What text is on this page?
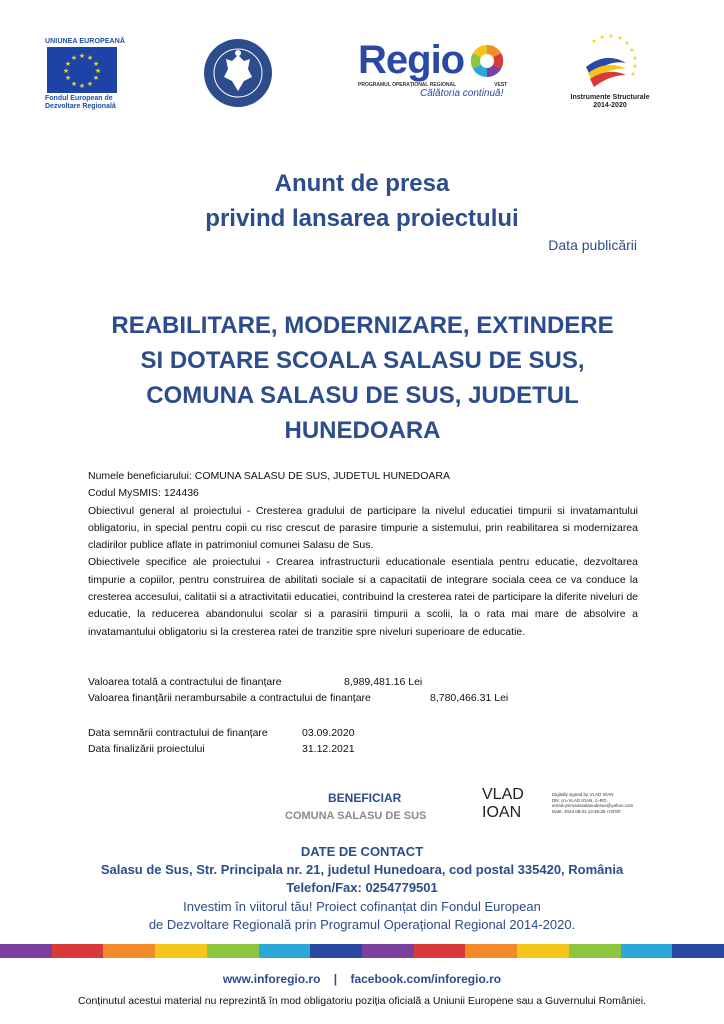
UNIUNEA EUROPEANĂ
★ ★
★
★
★
★
★
★
★
★
★
★
Fondul European de
Dezvoltare Regională
Regio
PROGRAMUL OPERAȚIONAL REGIONAL	VEST
Călătoria continuă!
★
★ ★ ★
★
★
★
★
★
Instrumente Structurale
2014-2020
Anunt de presa
privind lansarea proiectului
Data publicării
REABILITARE, MODERNIZARE, EXTINDERE
SI DOTARE SCOALA SALASU DE SUS,
COMUNA SALASU DE SUS, JUDETUL
HUNEDOARA

Numele beneficiarului: COMUNA SALASU DE SUS, JUDETUL HUNEDOARA

Codul MySMIS: 124436

Obiectivul general al proiectului - Cresterea gradului de participare la nivelul educatiei timpurii si invatamantului obligatoriu, in special pentru copii cu risc crescut de parasire timpurie a sistemului, prin reabilitarea si modernizarea cladirilor publice aflate in patrimoniul comunei Salasu de Sus.

Obiectivele specifice ale proiectului - Crearea infrastructurii educationale esentiala pentru educatie, dezvoltarea timpurie a copiilor, pentru construirea de abilitati sociale si a capacitatii de integrare sociala ceea ce va conduce la cresterea accesului, calitatii si a atractivitatii educatiei, contribuind la cresterea ratei de participare la diferite niveluri de educatie, la reducerea abandonului scolar si a parasirii timpurii a scolii, la o rata mai mare de absolvire a invatamantului obligatoriu si la cresterea ratei de tranzitie spre niveluri superioare de educatie.

Valoarea totală a contractului de finanțare	8,989,481.16 Lei
Valoarea finanțării nerambursabile a contractului de finanțare	8,780,466.31 Lei
Data semnării contractului de finanțare	03.09.2020
Data finalizării proiectului	31.12.2021
BENEFICIAR
COMUNA SALASU DE SUS
VLAD
IOAN
Digitally signed by VLAD IOAN
DN: cn=VLAD IOAN, c=RO,
email=primariasalasudesus@yahoo.com
Date: 2023.08.01 13:49:35 +03'00'
DATE DE CONTACT
Salasu de Sus, Str. Principala nr. 21, judetul Hunedoara, cod postal 335420, România
Telefon/Fax: 0254779501
Investim în viitorul tău! Proiect cofinanțat din Fondul European
de Dezvoltare Regională prin Programul Operațional Regional 2014-2020.
www.inforegio.ro | facebook.com/inforegio.ro
Conținutul acestui material nu reprezintă în mod obligatoriu poziția oficială a Uniunii Europene sau a Guvernului României.
